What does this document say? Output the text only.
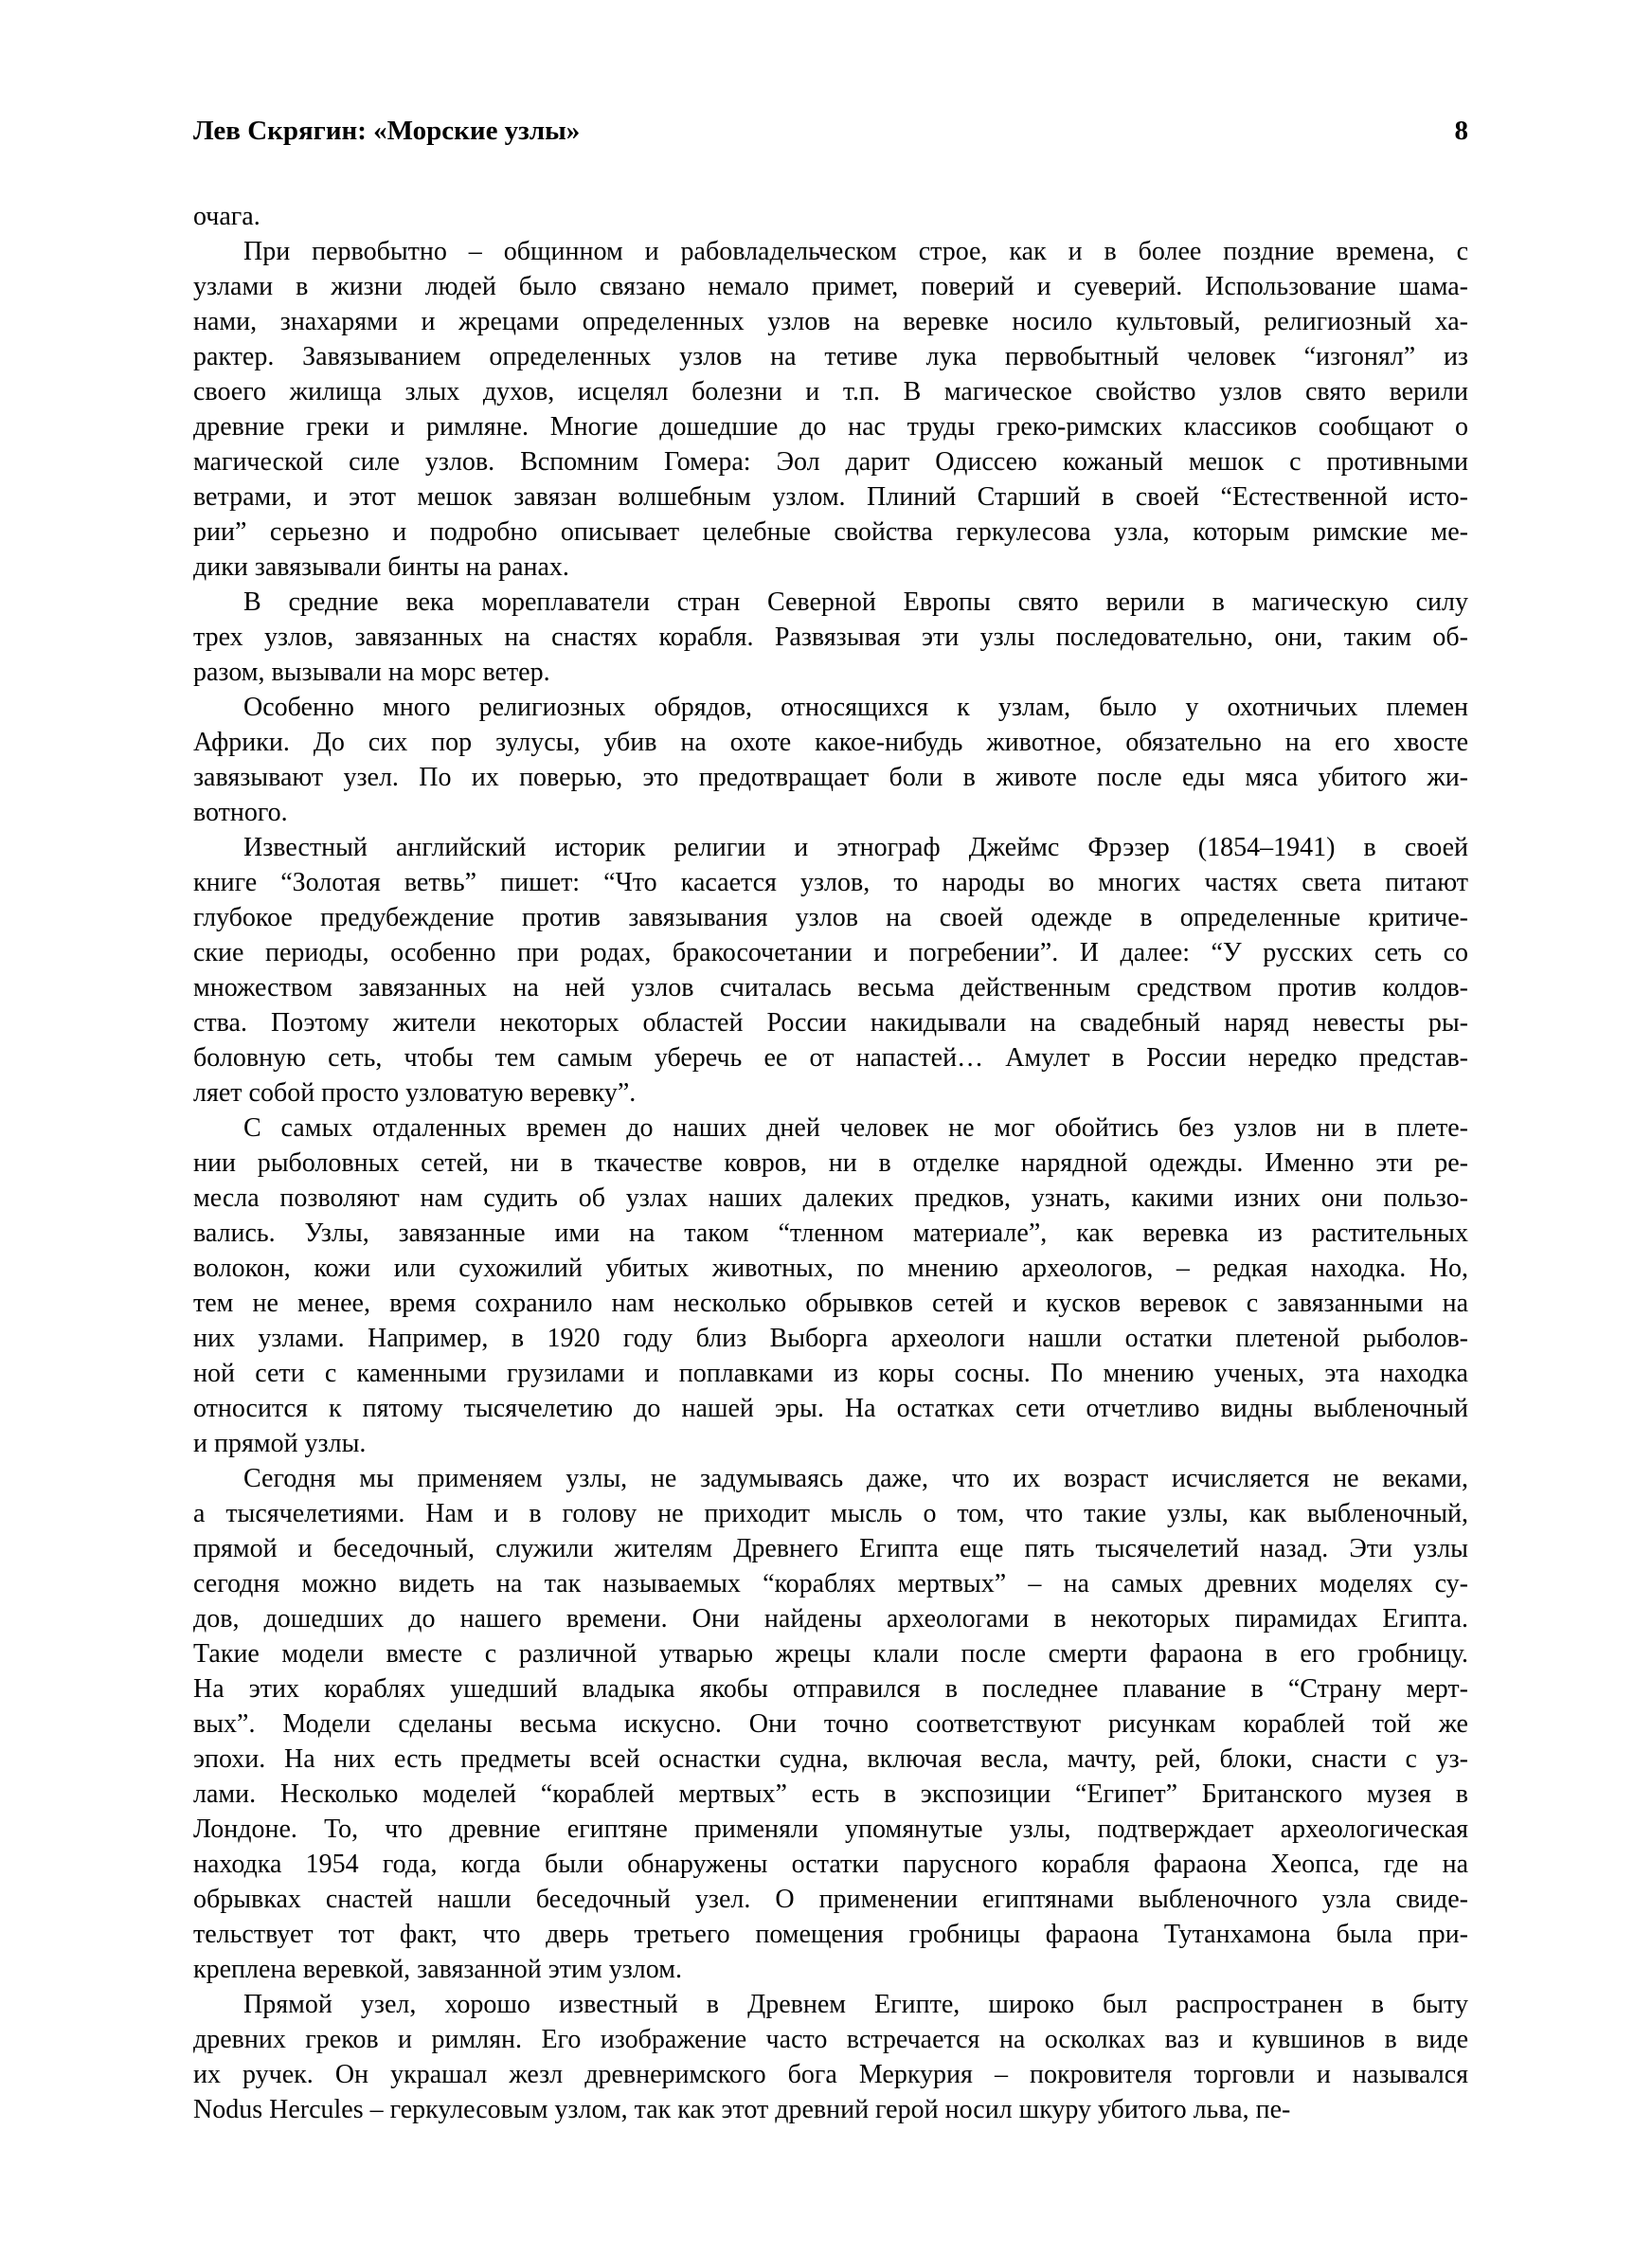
Лев Скрягин: «Морские узлы»	8
очага.
При первобытно – общинном и рабовладельческом строе, как и в более поздние времена, с
узлами в жизни людей было связано немало примет, поверий и суеверий. Использование шама-
нами, знахарями и жрецами определенных узлов на веревке носило культовый, религиозный ха-
рактер. Завязыванием определенных узлов на тетиве лука первобытный человек “изгонял” из
своего жилища злых духов, исцелял болезни и т.п. В магическое свойство узлов свято верили
древние греки и римляне. Многие дошедшие до нас труды греко-римских классиков сообщают о
магической силе узлов. Вспомним Гомера: Эол дарит Одиссею кожаный мешок с противными
ветрами, и этот мешок завязан волшебным узлом. Плиний Старший в своей “Естественной исто-
рии” серьезно и подробно описывает целебные свойства геркулесова узла, которым римские ме-
дики завязывали бинты на ранах.
В средние века мореплаватели стран Северной Европы свято верили в магическую силу
трех узлов, завязанных на снастях корабля. Развязывая эти узлы последовательно, они, таким об-
разом, вызывали на морс ветер.
Особенно много религиозных обрядов, относящихся к узлам, было у охотничьих племен
Африки. До сих пор зулусы, убив на охоте какое-нибудь животное, обязательно на его хвосте
завязывают узел. По их поверью, это предотвращает боли в животе после еды мяса убитого жи-
вотного.
Известный английский историк религии и этнограф Джеймс Фрэзер (1854–1941) в своей
книге “Золотая ветвь” пишет: “Что касается узлов, то народы во многих частях света питают
глубокое предубеждение против завязывания узлов на своей одежде в определенные критиче-
ские периоды, особенно при родах, бракосочетании и погребении”. И далее: “У русских сеть со
множеством завязанных на ней узлов считалась весьма действенным средством против колдов-
ства. Поэтому жители некоторых областей России накидывали на свадебный наряд невесты ры-
боловную сеть, чтобы тем самым уберечь ее от напастей… Амулет в России нередко представ-
ляет собой просто узловатую веревку”.
С самых отдаленных времен до наших дней человек не мог обойтись без узлов ни в плете-
нии рыболовных сетей, ни в ткачестве ковров, ни в отделке нарядной одежды. Именно эти ре-
месла позволяют нам судить об узлах наших далеких предков, узнать, какими изних они пользо-
вались. Узлы, завязанные ими на таком “тленном материале”, как веревка из растительных
волокон, кожи или сухожилий убитых животных, по мнению археологов, – редкая находка. Но,
тем не менее, время сохранило нам несколько обрывков сетей и кусков веревок с завязанными на
них узлами. Например, в 1920 году близ Выборга археологи нашли остатки плетеной рыболов-
ной сети с каменными грузилами и поплавками из коры сосны. По мнению ученых, эта находка
относится к пятому тысячелетию до нашей эры. На остатках сети отчетливо видны выбленочный
и прямой узлы.
Сегодня мы применяем узлы, не задумываясь даже, что их возраст исчисляется не веками,
а тысячелетиями. Нам и в голову не приходит мысль о том, что такие узлы, как выбленочный,
прямой и беседочный, служили жителям Древнего Египта еще пять тысячелетий назад. Эти узлы
сегодня можно видеть на так называемых “кораблях мертвых” – на самых древних моделях су-
дов, дошедших до нашего времени. Они найдены археологами в некоторых пирамидах Египта.
Такие модели вместе с различной утварью жрецы клали после смерти фараона в его гробницу.
На этих кораблях ушедший владыка якобы отправился в последнее плавание в “Страну мерт-
вых”. Модели сделаны весьма искусно. Они точно соответствуют рисункам кораблей той же
эпохи. На них есть предметы всей оснастки судна, включая весла, мачту, рей, блоки, снасти с уз-
лами. Несколько моделей “кораблей мертвых” есть в экспозиции “Египет” Британского музея в
Лондоне. То, что древние египтяне применяли упомянутые узлы, подтверждает археологическая
находка 1954 года, когда были обнаружены остатки парусного корабля фараона Хеопса, где на
обрывках снастей нашли беседочный узел. О применении египтянами выбленочного узла свиде-
тельствует тот факт, что дверь третьего помещения гробницы фараона Тутанхамона была при-
креплена веревкой, завязанной этим узлом.
Прямой узел, хорошо известный в Древнем Египте, широко был распространен в быту
древних греков и римлян. Его изображение часто встречается на осколках ваз и кувшинов в виде
их ручек. Он украшал жезл древнеримского бога Меркурия – покровителя торговли и назывался
Nodus Hercules – геркулесовым узлом, так как этот древний герой носил шкуру убитого льва, пе-
